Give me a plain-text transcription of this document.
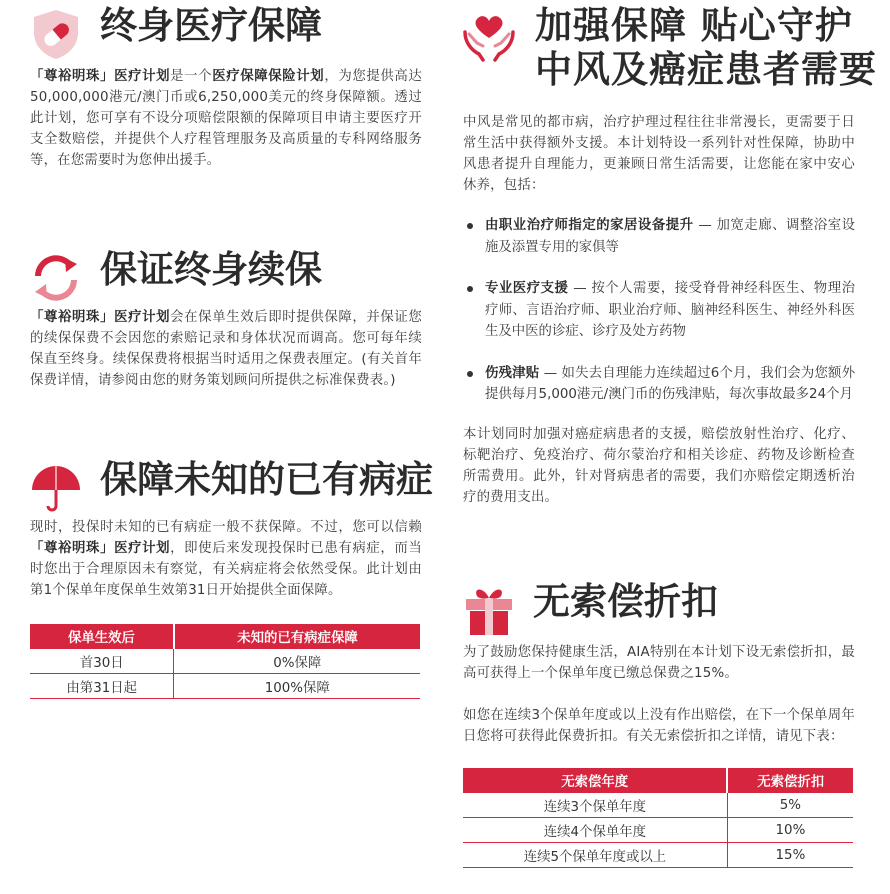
终身医疗保障

「尊裕明珠」医疗计划是一个医疗保障保险计划，为您提供高达50,000,000港元/澳门币或6,250,000美元的终身保障额。透过此计划，您可享有不设分项赔偿限额的保障项目申请主要医疗开支全数赔偿，并提供个人疗程管理服务及高质量的专科网络服务等，在您需要时为您伸出援手。

保证终身续保

「尊裕明珠」医疗计划会在保单生效后即时提供保障，并保证您的续保保费不会因您的索赔记录和身体状况而调高。您可每年续保直至终身。续保保费将根据当时适用之保费表厘定。(有关首年保费详情，请参阅由您的财务策划顾问所提供之标准保费表。)

保障未知的已有病症

现时，投保时未知的已有病症一般不获保障。不过，您可以信赖「尊裕明珠」医疗计划，即使后来发现投保时已患有病症，而当时您出于合理原因未有察觉，有关病症将会依然受保。此计划由第1个保单年度保单生效第31日开始提供全面保障。

保单生效后	未知的已有病症保障
首30日	0%保障
由第31日起	100%保障
加强保障 贴心守护
中风及癌症患者需要

中风是常见的都市病，治疗护理过程往往非常漫长，更需要于日常生活中获得额外支援。本计划特设一系列针对性保障，协助中风患者提升自理能力，更兼顾日常生活需要，让您能在家中安心休养，包括：

由职业治疗师指定的家居设备提升 — 加宽走廊、调整浴室设施及添置专用的家俱等
专业医疗支援 — 按个人需要，接受脊骨神经科医生、物理治疗师、言语治疗师、职业治疗师、脑神经科医生、神经外科医生及中医的诊症、诊疗及处方药物
伤残津贴 — 如失去自理能力连续超过6个月，我们会为您额外提供每月5,000港元/澳门币的伤残津贴，每次事故最多24个月

本计划同时加强对癌症病患者的支援，赔偿放射性治疗、化疗、标靶治疗、免疫治疗、荷尔蒙治疗和相关诊症、药物及诊断检查所需费用。此外，针对肾病患者的需要，我们亦赔偿定期透析治疗的费用支出。

无索偿折扣

为了鼓励您保持健康生活，AIA特别在本计划下设无索偿折扣，最高可获得上一个保单年度已缴总保费之15%。

如您在连续3个保单年度或以上没有作出赔偿，在下一个保单周年日您将可获得此保费折扣。有关无索偿折扣之详情，请见下表：

无索偿年度	无索偿折扣
连续3个保单年度	5%
连续4个保单年度	10%
连续5个保单年度或以上	15%
